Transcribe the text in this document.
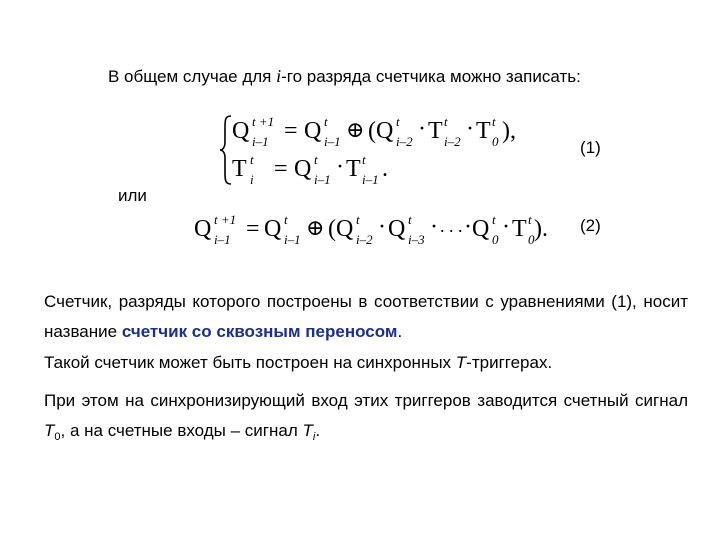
В общем случае для i-го разряда счетчика можно записать:
Q t +1
i–1 = Q t
i–1 ⊕ ( Q t
i–2 · T t
i–2 · T t
0 ),
T t
i = Q t
i–1 · T t
i–1 .
(1)
или
Q t +1
i–1 = Q t
i–1 ⊕ ( Q t
i–2 · Q t
i–3 · . . . · Q t
0 · T t
0 ). (2)
Счетчик, разряды которого построены в соответствии с уравнениями (1), носит название счетчик со сквозным переносом.
Такой счетчик может быть построен на синхронных T-триггерах.
При этом на синхронизирующий вход этих триггеров заводится счетный сигнал $T_0$, а на счетные входы – сигнал $T_i$.
